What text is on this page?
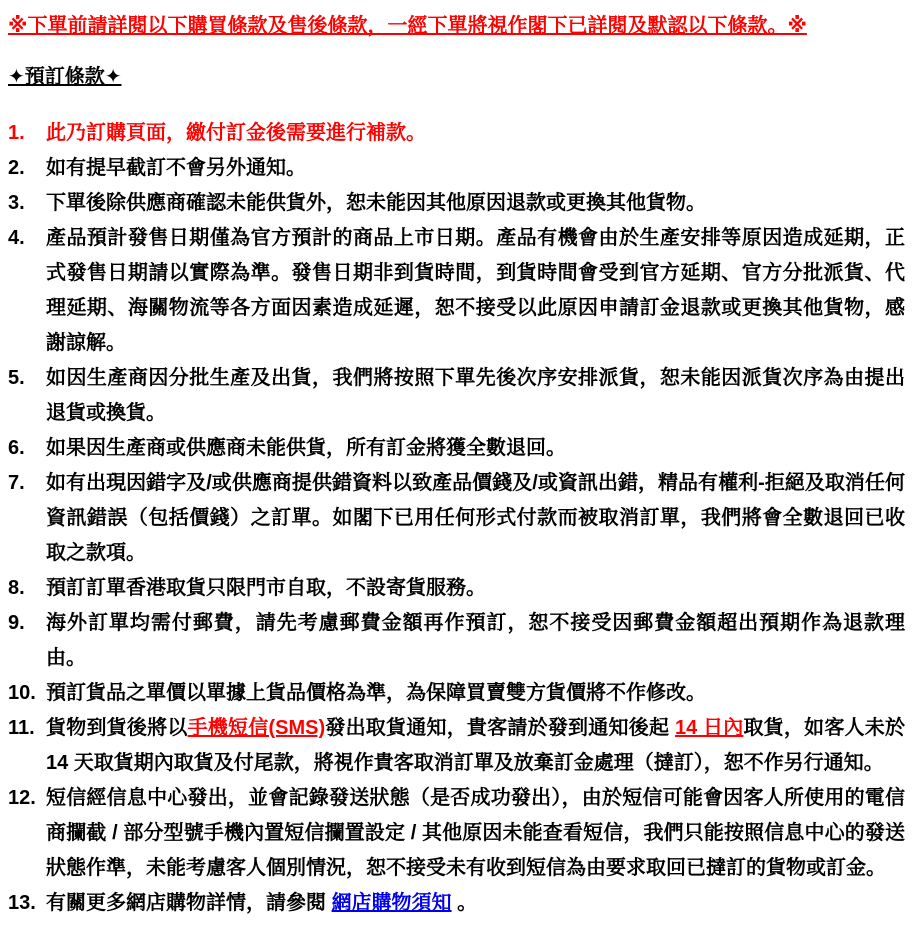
※下單前請詳閱以下購買條款及售後條款，一經下單將視作閣下已詳閱及默認以下條款。※
✦預訂條款✦
1.	此乃訂購頁面，繳付訂金後需要進行補款。
2.	如有提早截訂不會另外通知。
3.	下單後除供應商確認未能供貨外，恕未能因其他原因退款或更換其他貨物。
4.	產品預計發售日期僅為官方預計的商品上市日期。產品有機會由於生產安排等原因造成延期，正式發售日期請以實際為準。發售日期非到貨時間，到貨時間會受到官方延期、官方分批派貨、代理延期、海關物流等各方面因素造成延遲，恕不接受以此原因申請訂金退款或更換其他貨物，感謝諒解。
5.	如因生產商因分批生產及出貨，我們將按照下單先後次序安排派貨，恕未能因派貨次序為由提出退貨或換貨。
6.	如果因生產商或供應商未能供貨，所有訂金將獲全數退回。
7.	如有出現因錯字及/或供應商提供錯資料以致產品價錢及/或資訊出錯，精品有權利-拒絕及取消任何資訊錯誤（包括價錢）之訂單。如閣下已用任何形式付款而被取消訂單，我們將會全數退回已收取之款項。
8.	預訂訂單香港取貨只限門市自取，不設寄貨服務。
9.	海外訂單均需付郵費，請先考慮郵費金額再作預訂，恕不接受因郵費金額超出預期作為退款理由。
10. 預訂貨品之單價以單據上貨品價格為準，為保障買賣雙方貨價將不作修改。
11. 貨物到貨後將以手機短信(SMS)發出取貨通知，貴客請於發到通知後起 14 日內取貨，如客人未於 14 天取貨期內取貨及付尾款，將視作貴客取消訂單及放棄訂金處理（撻訂），恕不作另行通知。
12. 短信經信息中心發出，並會記錄發送狀態（是否成功發出），由於短信可能會因客人所使用的電信商攔截 / 部分型號手機內置短信攔置設定 / 其他原因未能查看短信，我們只能按照信息中心的發送狀態作準，未能考慮客人個別情況，恕不接受未有收到短信為由要求取回已撻訂的貨物或訂金。
13. 有關更多網店購物詳情，請參閱 網店購物須知 。
